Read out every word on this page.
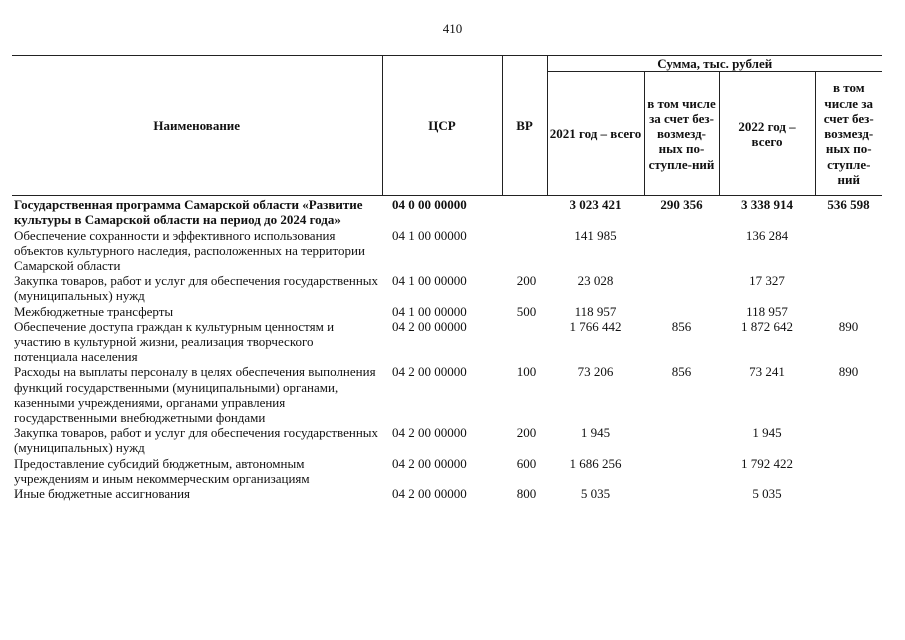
410
Наименование	ЦСР	ВР	Сумма, тыс. рублей			
			2021 год – всего	в том числе за счет без-возмезд-ных по-ступле-ний	2022 год – всего	в том числе за счет без-возмезд-ных по-ступле-ний
Государственная программа Самарской области «Развитие культуры в Самарской области на период до 2024 года»	04 0 00 00000		3 023 421	290 356	3 338 914	536 598
Обеспечение сохранности и эффективного использования объектов культурного наследия, расположенных на территории Самарской области	04 1 00 00000		141 985		136 284	
Закупка товаров, работ и услуг для обеспечения государственных (муниципальных) нужд	04 1 00 00000	200	23 028		17 327	
Межбюджетные трансферты	04 1 00 00000	500	118 957		118 957	
Обеспечение доступа граждан к культурным ценностям и участию в культурной жизни, реализация творческого потенциала населения	04 2 00 00000		1 766 442	856	1 872 642	890
Расходы на выплаты персоналу в целях обеспечения выполнения функций государственными (муниципальными) органами, казенными учреждениями, органами управления государственными внебюджетными фондами	04 2 00 00000	100	73 206	856	73 241	890
Закупка товаров, работ и услуг для обеспечения государственных (муниципальных) нужд	04 2 00 00000	200	1 945		1 945	
Предоставление субсидий бюджетным, автономным учреждениям и иным некоммерческим организациям	04 2 00 00000	600	1 686 256		1 792 422	
Иные бюджетные ассигнования	04 2 00 00000	800	5 035		5 035	
